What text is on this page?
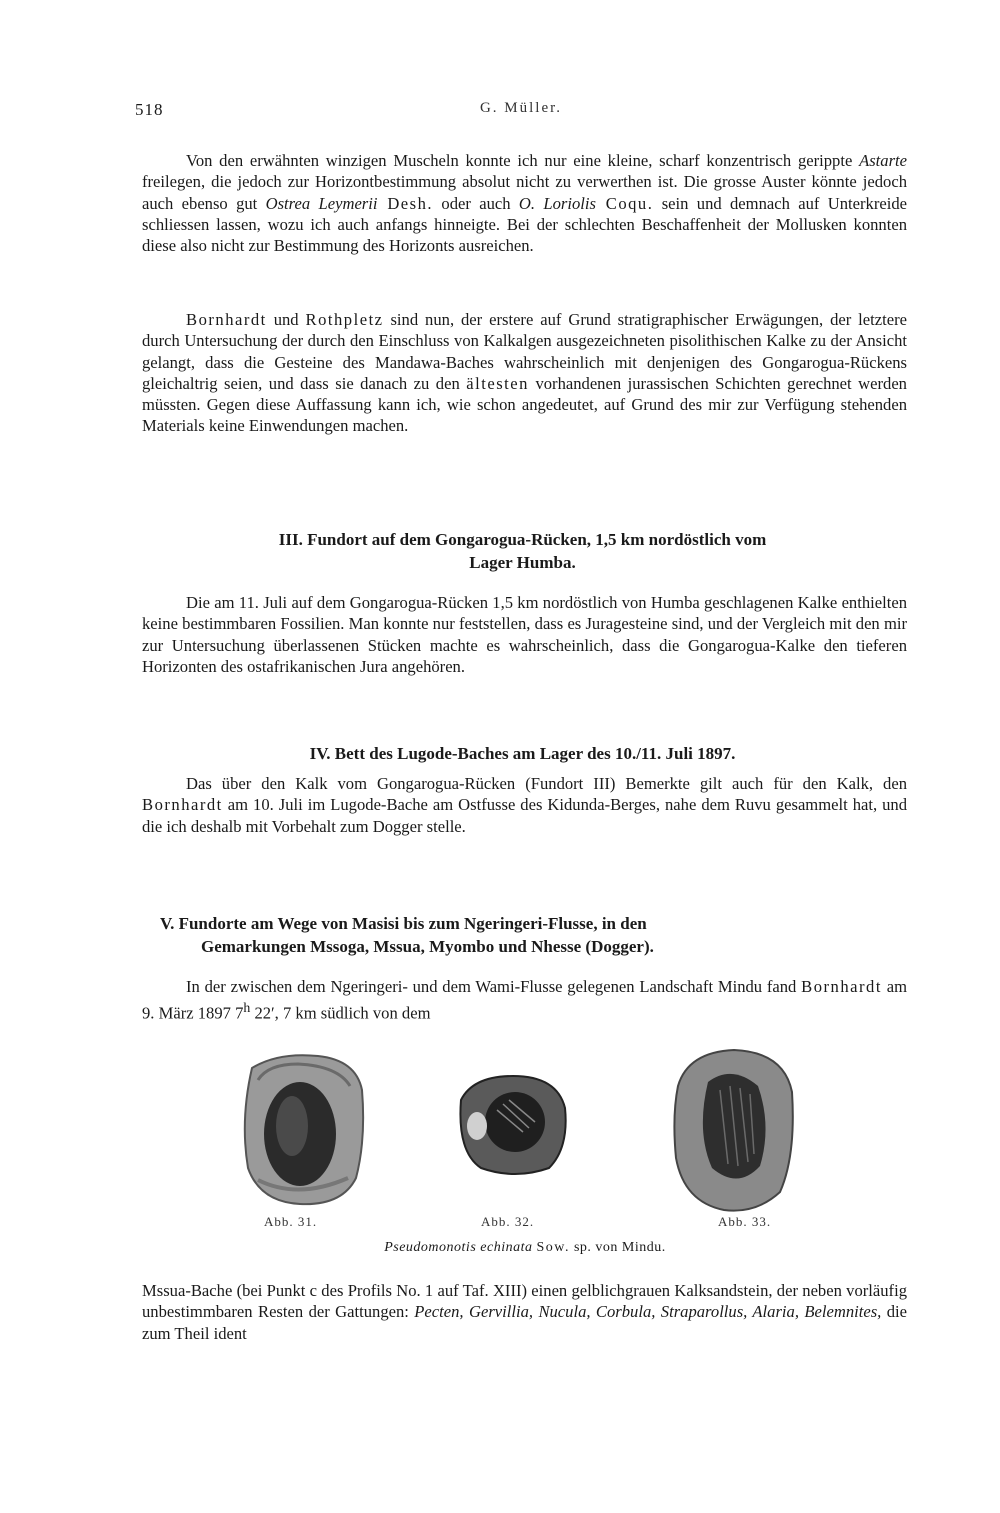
518	G. Müller.

Von den erwähnten winzigen Muscheln konnte ich nur eine kleine, scharf konzentrisch gerippte Astarte freilegen, die jedoch zur Horizontbestimmung absolut nicht zu verwerthen ist. Die grosse Auster könnte jedoch auch ebenso gut Ostrea Leymerii Desh. oder auch O. Loriolis Coqu. sein und demnach auf Unterkreide schliessen lassen, wozu ich auch anfangs hinneigte. Bei der schlechten Beschaffenheit der Mollusken konnten diese also nicht zur Bestimmung des Horizonts ausreichen.

Bornhardt und Rothpletz sind nun, der erstere auf Grund stratigraphischer Erwägungen, der letztere durch Untersuchung der durch den Einschluss von Kalkalgen ausgezeichneten pisolithischen Kalke zu der Ansicht gelangt, dass die Gesteine des Mandawa-Baches wahrscheinlich mit denjenigen des Gongarogua-Rückens gleichaltrig seien, und dass sie danach zu den ältesten vorhandenen jurassischen Schichten gerechnet werden müssten. Gegen diese Auffassung kann ich, wie schon angedeutet, auf Grund des mir zur Verfügung stehenden Materials keine Einwendungen machen.

III. Fundort auf dem Gongarogua-Rücken, 1,5 km nordöstlich vom
Lager Humba.

Die am 11. Juli auf dem Gongarogua-Rücken 1,5 km nordöstlich von Humba geschlagenen Kalke enthielten keine bestimmbaren Fossilien. Man konnte nur feststellen, dass es Juragesteine sind, und der Vergleich mit den mir zur Untersuchung überlassenen Stücken machte es wahrscheinlich, dass die Gongarogua-Kalke den tieferen Horizonten des ostafrikanischen Jura angehören.

IV. Bett des Lugode-Baches am Lager des 10./11. Juli 1897.

Das über den Kalk vom Gongarogua-Rücken (Fundort III) Bemerkte gilt auch für den Kalk, den Bornhardt am 10. Juli im Lugode-Bache am Ostfusse des Kidunda-Berges, nahe dem Ruvu gesammelt hat, und die ich deshalb mit Vorbehalt zum Dogger stelle.

V. Fundorte am Wege von Masisi bis zum Ngeringeri-Flusse, in den
Gemarkungen Mssoga, Mssua, Myombo und Nhesse (Dogger).

In der zwischen dem Ngeringeri- und dem Wami-Flusse gelegenen Landschaft Mindu fand Bornhardt am 9. März 1897 7$^h$ 22′, 7 km südlich von dem

Abb. 31.	Abb. 32.	Abb. 33.
Pseudomonotis echinata Sow. sp. von Mindu.

Mssua-Bache (bei Punkt c des Profils No. 1 auf Taf. XIII) einen gelblichgrauen Kalksandstein, der neben vorläufig unbestimmbaren Resten der Gattungen: Pecten, Gervillia, Nucula, Corbula, Straparollus, Alaria, Belemnites, die zum Theil ident
